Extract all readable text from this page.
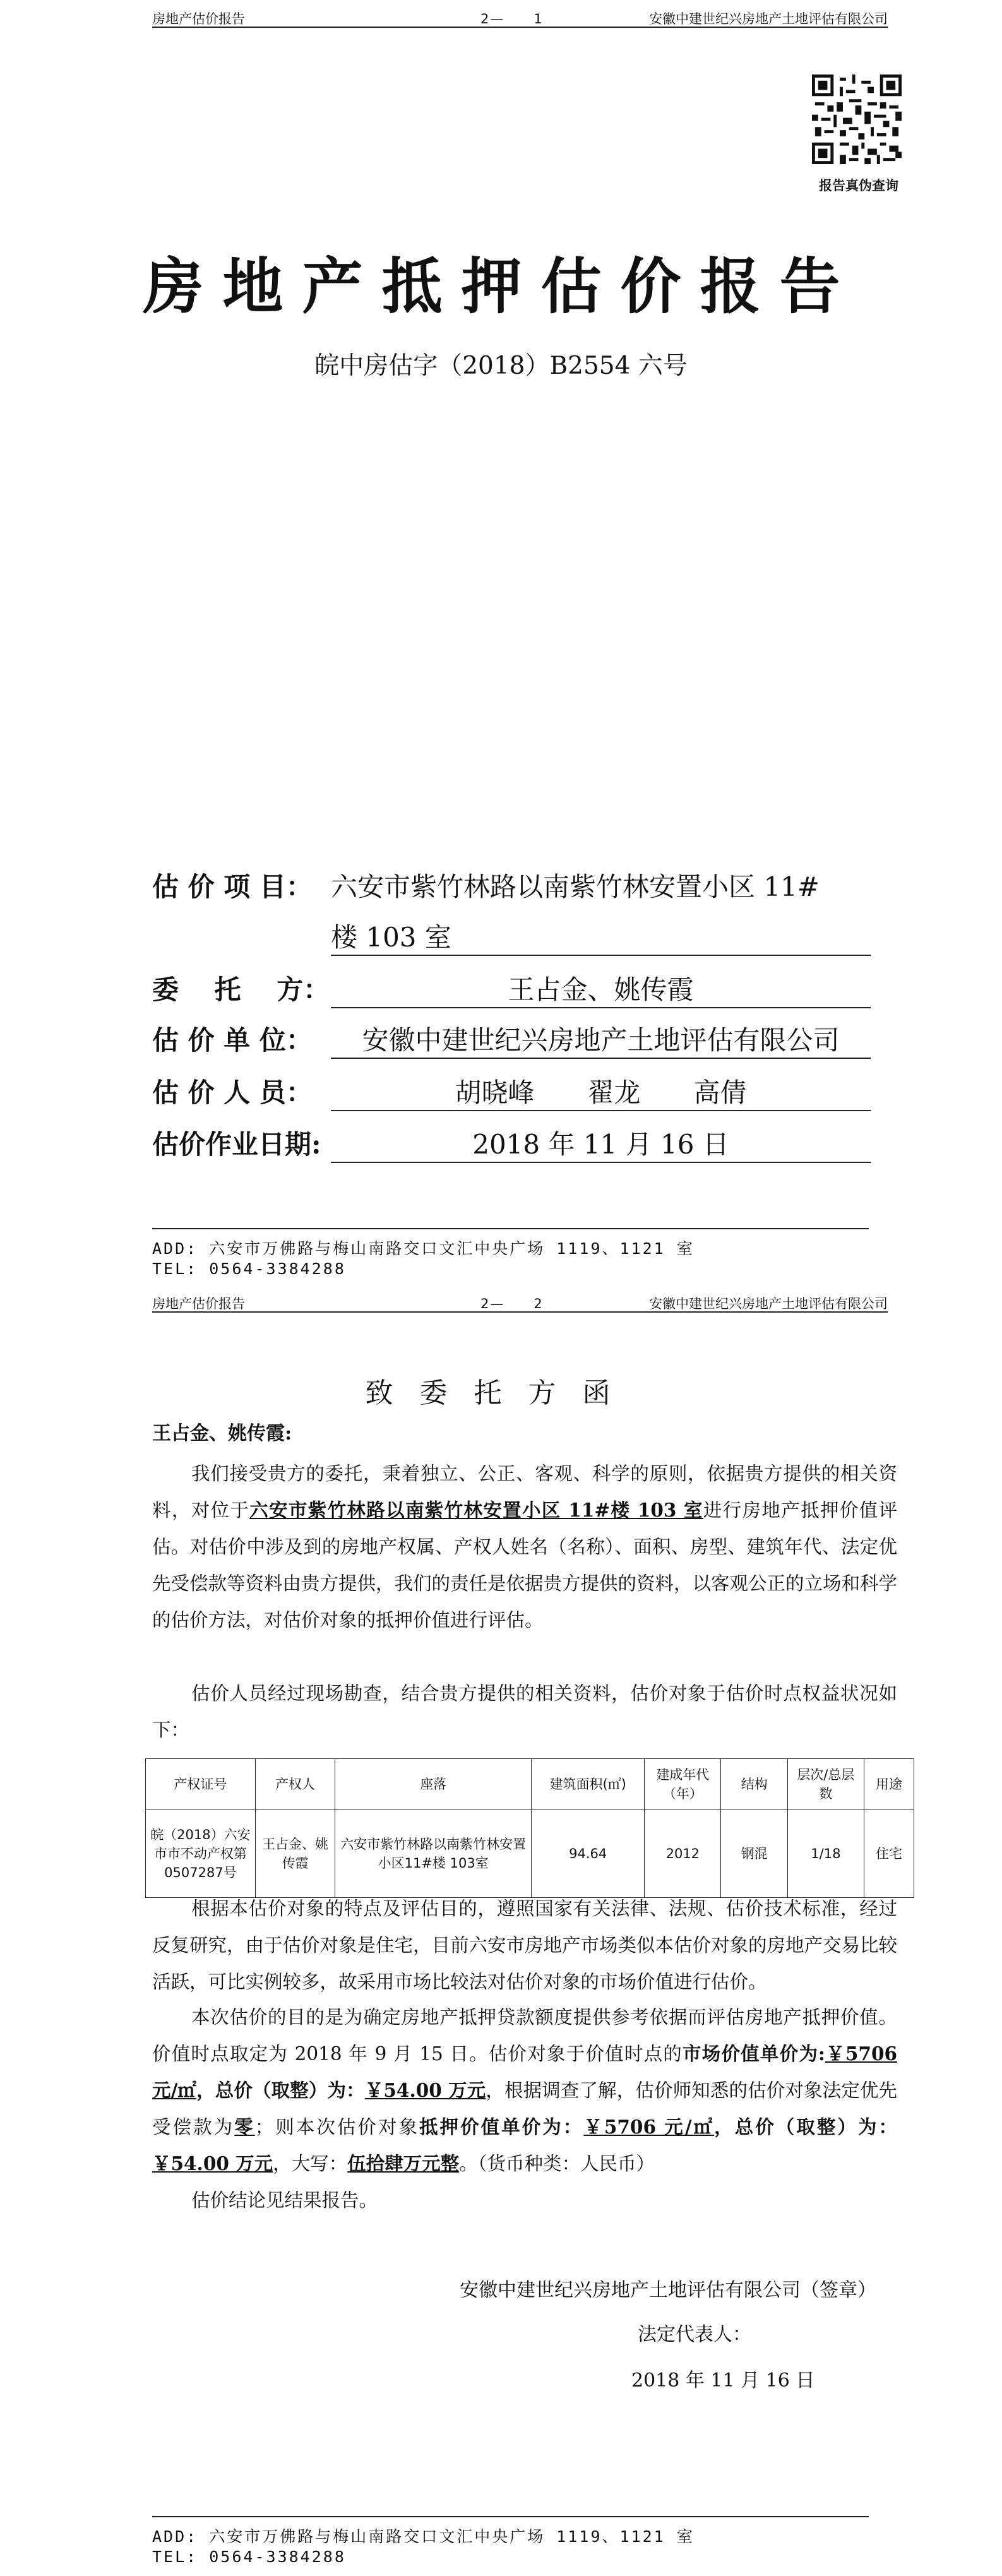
房地产估价报告	2—　　1	安徽中建世纪兴房地产土地评估有限公司
报告真伪查询
房地产抵押估价报告
皖中房估字（2018）B2554 六号
估 价 项 目： 六安市紫竹林路以南紫竹林安置小区 11#
楼 103 室
委　 托　 方：	王占金、姚传霞
估 价 单 位：	安徽中建世纪兴房地产土地评估有限公司
估 价 人 员：	胡晓峰　　翟龙　　高倩
估价作业日期:	2018 年 11 月 16 日
ADD: 六安市万佛路与梅山南路交口文汇中央广场 1119、1121 室
TEL: 0564-3384288
房地产估价报告	2—　　2	安徽中建世纪兴房地产土地评估有限公司
致委托方函
王占金、姚传霞:
我们接受贵方的委托，秉着独立、公正、客观、科学的原则，依据贵方提供的相关资料，对位于六安市紫竹林路以南紫竹林安置小区 11#楼 103 室进行房地产抵押价值评估。对估价中涉及到的房地产权属、产权人姓名（名称）、面积、房型、建筑年代、法定优先受偿款等资料由贵方提供，我们的责任是依据贵方提供的资料，以客观公正的立场和科学的估价方法，对估价对象的抵押价值进行评估。
估价人员经过现场勘查，结合贵方提供的相关资料，估价对象于估价时点权益状况如下：
产权证号	产权人	座落	建筑面积(㎡)	建成年代（年）	结构	层次/总层数	用途
皖（2018）六安市市不动产权第0507287号	王占金、姚传霞	六安市紫竹林路以南紫竹林安置小区11#楼 103室	94.64	2012	钢混	1/18	住宅
根据本估价对象的特点及评估目的，遵照国家有关法律、法规、估价技术标准，经过反复研究，由于估价对象是住宅，目前六安市房地产市场类似本估价对象的房地产交易比较活跃，可比实例较多，故采用市场比较法对估价对象的市场价值进行估价。
本次估价的目的是为确定房地产抵押贷款额度提供参考依据而评估房地产抵押价值。价值时点取定为 2018 年 9 月 15 日。估价对象于价值时点的市场价值单价为:￥5706 元/㎡，总价（取整）为：￥54.00 万元，根据调查了解，估价师知悉的估价对象法定优先受偿款为零；则本次估价对象抵押价值单价为：￥5706 元/㎡，总价（取整）为：￥54.00 万元，大写：伍拾肆万元整。（货币种类：人民币）
估价结论见结果报告。
安徽中建世纪兴房地产土地评估有限公司（签章）
法定代表人：
2018 年 11 月 16 日
ADD: 六安市万佛路与梅山南路交口文汇中央广场 1119、1121 室
TEL: 0564-3384288
